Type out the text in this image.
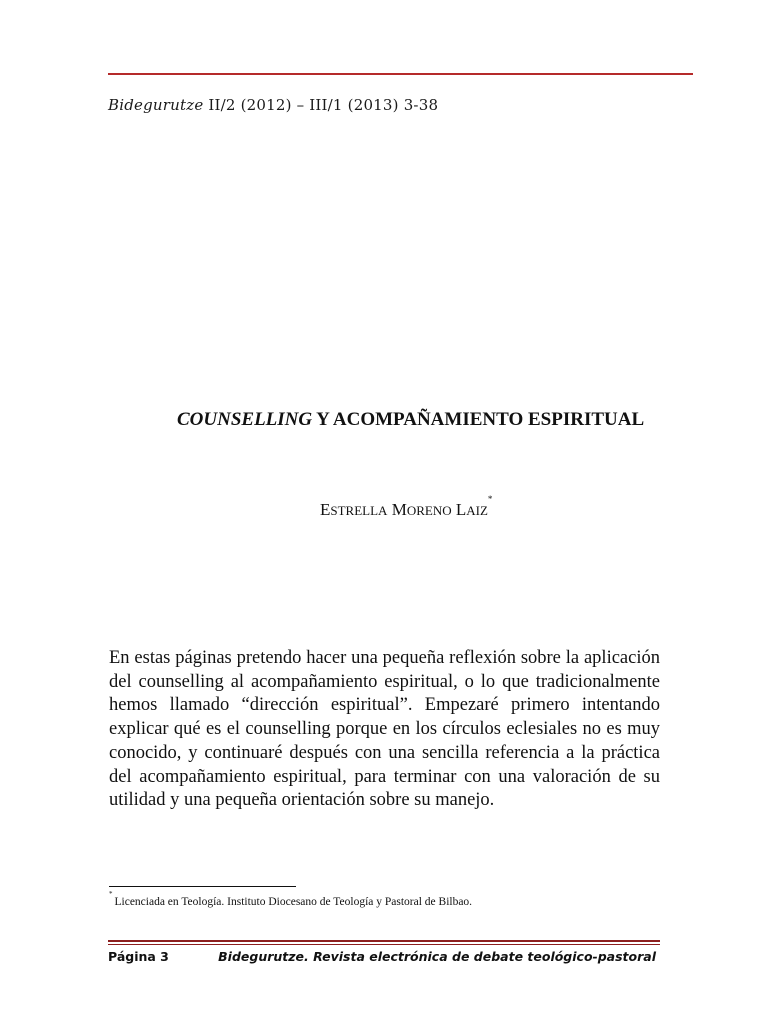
Bidegurutze II/2 (2012) – III/1 (2013) 3-38
COUNSELLING Y ACOMPAÑAMIENTO ESPIRITUAL
ESTRELLA MORENO LAIZ*

En estas páginas pretendo hacer una pequeña reflexión sobre la aplicación del counselling al acompañamiento espiritual, o lo que tradicionalmente hemos llamado “dirección espiritual”. Empezaré primero intentando explicar qué es el counselling porque en los círculos eclesiales no es muy conocido, y continuaré después con una sencilla referencia a la práctica del acompañamiento espiritual, para terminar con una valoración de su utilidad y una pequeña orientación sobre su manejo.

*Licenciada en Teología. Instituto Diocesano de Teología y Pastoral de Bilbao.
Página 3	Bidegurutze. Revista electrónica de debate teológico-pastoral
